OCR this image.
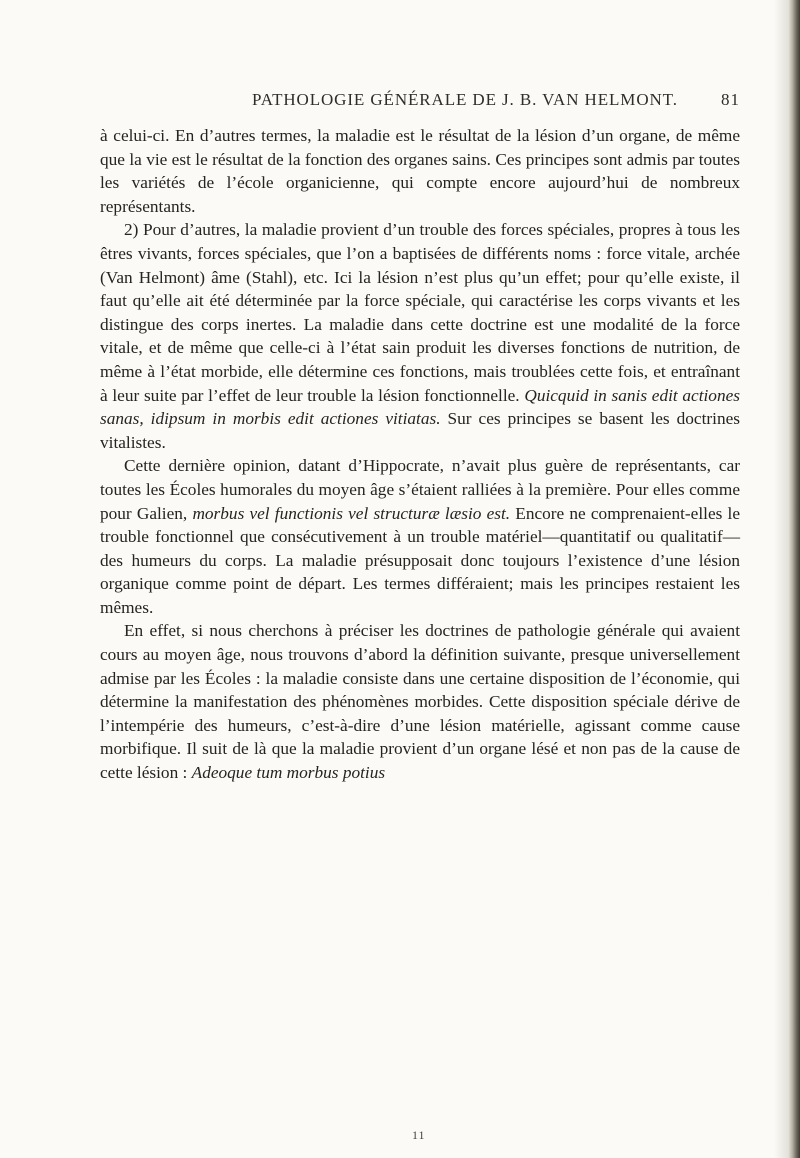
PATHOLOGIE GÉNÉRALE DE J. B. VAN HELMONT.	81

à celui-ci. En d’autres termes, la maladie est le résultat de la lésion d’un organe, de même que la vie est le résultat de la fonction des organes sains. Ces principes sont admis par toutes les variétés de l’école organicienne, qui compte encore aujourd’hui de nombreux représentants.

2) Pour d’autres, la maladie provient d’un trouble des forces spéciales, propres à tous les êtres vivants, forces spéciales, que l’on a baptisées de différents noms : force vitale, archée (Van Helmont) âme (Stahl), etc. Ici la lésion n’est plus qu’un effet; pour qu’elle existe, il faut qu’elle ait été déterminée par la force spéciale, qui caractérise les corps vivants et les distingue des corps inertes. La maladie dans cette doctrine est une modalité de la force vitale, et de même que celle-ci à l’état sain produit les diverses fonctions de nutrition, de même à l’état morbide, elle détermine ces fonctions, mais troublées cette fois, et entraînant à leur suite par l’effet de leur trouble la lésion fonctionnelle. Quicquid in sanis edit actiones sanas, idipsum in morbis edit actiones vitiatas. Sur ces principes se basent les doctrines vitalistes.

Cette dernière opinion, datant d’Hippocrate, n’avait plus guère de représentants, car toutes les Écoles humorales du moyen âge s’étaient ralliées à la première. Pour elles comme pour Galien, morbus vel functionis vel structuræ læsio est. Encore ne comprenaient-elles le trouble fonctionnel que consécutivement à un trouble matériel—quantitatif ou qualitatif—des humeurs du corps. La maladie présupposait donc toujours l’existence d’une lésion organique comme point de départ. Les termes différaient; mais les principes restaient les mêmes.

En effet, si nous cherchons à préciser les doctrines de pathologie générale qui avaient cours au moyen âge, nous trouvons d’abord la définition suivante, presque universellement admise par les Écoles : la maladie consiste dans une certaine disposition de l’économie, qui détermine la manifestation des phénomènes morbides. Cette disposition spéciale dérive de l’intempérie des humeurs, c’est-à-dire d’une lésion matérielle, agissant comme cause morbifique. Il suit de là que la maladie provient d’un organe lésé et non pas de la cause de cette lésion : Adeoque tum morbus potius

11
